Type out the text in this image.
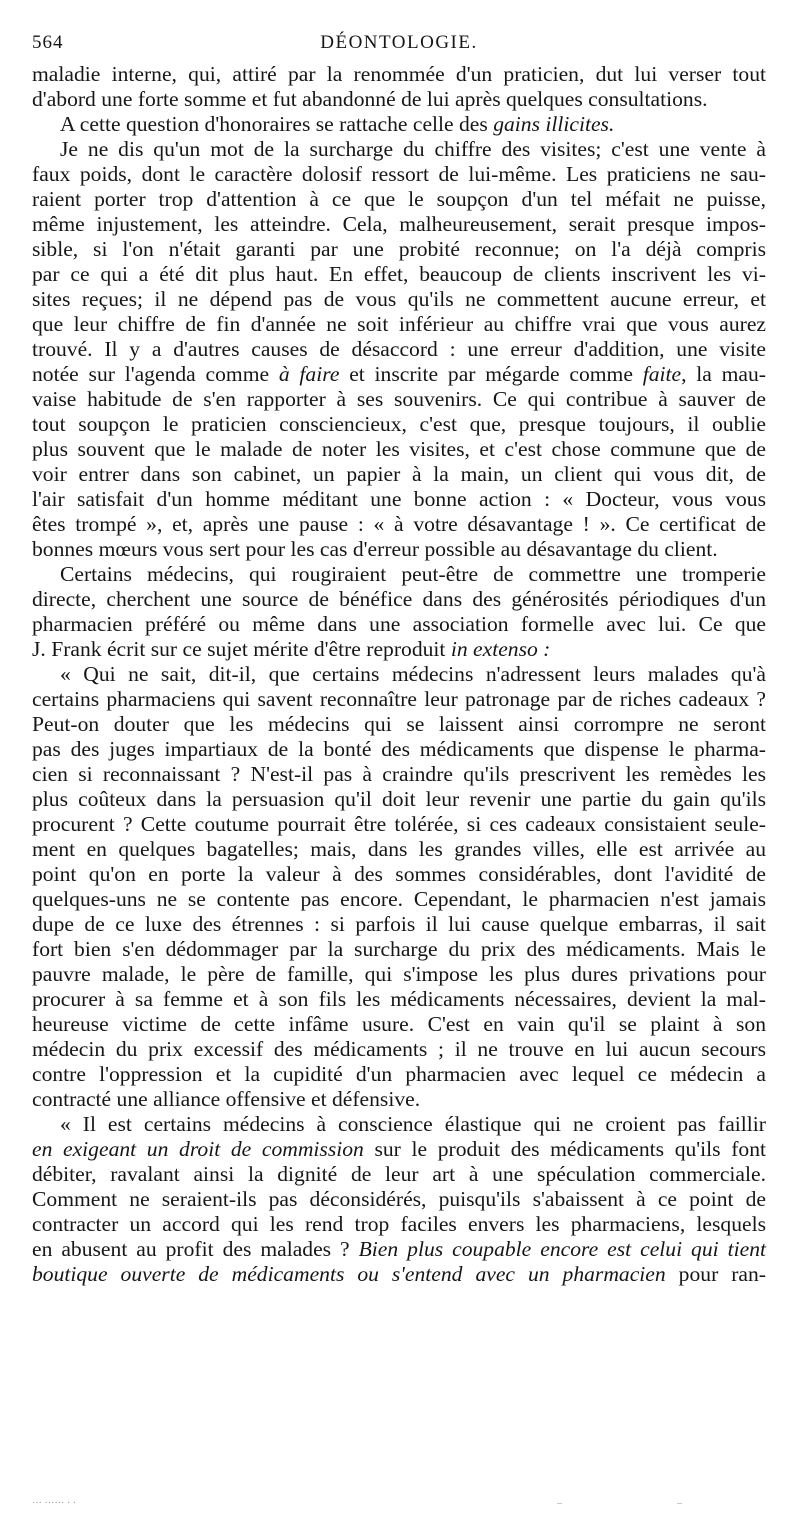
564	DÉONTOLOGIE.
maladie interne, qui, attiré par la renommée d'un praticien, dut lui verser tout
d'abord une forte somme et fut abandonné de lui après quelques consultations.
A cette question d'honoraires se rattache celle des gains illicites.
Je ne dis qu'un mot de la surcharge du chiffre des visites; c'est une vente à
faux poids, dont le caractère dolosif ressort de lui-même. Les praticiens ne sau-
raient porter trop d'attention à ce que le soupçon d'un tel méfait ne puisse,
même injustement, les atteindre. Cela, malheureusement, serait presque impos-
sible, si l'on n'était garanti par une probité reconnue; on l'a déjà compris
par ce qui a été dit plus haut. En effet, beaucoup de clients inscrivent les vi-
sites reçues; il ne dépend pas de vous qu'ils ne commettent aucune erreur, et
que leur chiffre de fin d'année ne soit inférieur au chiffre vrai que vous aurez
trouvé. Il y a d'autres causes de désaccord : une erreur d'addition, une visite
notée sur l'agenda comme à faire et inscrite par mégarde comme faite, la mau-
vaise habitude de s'en rapporter à ses souvenirs. Ce qui contribue à sauver de
tout soupçon le praticien consciencieux, c'est que, presque toujours, il oublie
plus souvent que le malade de noter les visites, et c'est chose commune que de
voir entrer dans son cabinet, un papier à la main, un client qui vous dit, de
l'air satisfait d'un homme méditant une bonne action : « Docteur, vous vous
êtes trompé », et, après une pause : « à votre désavantage ! ». Ce certificat de
bonnes mœurs vous sert pour les cas d'erreur possible au désavantage du client.
Certains médecins, qui rougiraient peut-être de commettre une tromperie
directe, cherchent une source de bénéfice dans des générosités périodiques d'un
pharmacien préféré ou même dans une association formelle avec lui. Ce que
J. Frank écrit sur ce sujet mérite d'être reproduit in extenso :
« Qui ne sait, dit-il, que certains médecins n'adressent leurs malades qu'à
certains pharmaciens qui savent reconnaître leur patronage par de riches cadeaux ?
Peut-on douter que les médecins qui se laissent ainsi corrompre ne seront
pas des juges impartiaux de la bonté des médicaments que dispense le pharma-
cien si reconnaissant ? N'est-il pas à craindre qu'ils prescrivent les remèdes les
plus coûteux dans la persuasion qu'il doit leur revenir une partie du gain qu'ils
procurent ? Cette coutume pourrait être tolérée, si ces cadeaux consistaient seule-
ment en quelques bagatelles; mais, dans les grandes villes, elle est arrivée au
point qu'on en porte la valeur à des sommes considérables, dont l'avidité de
quelques-uns ne se contente pas encore. Cependant, le pharmacien n'est jamais
dupe de ce luxe des étrennes : si parfois il lui cause quelque embarras, il sait
fort bien s'en dédommager par la surcharge du prix des médicaments. Mais le
pauvre malade, le père de famille, qui s'impose les plus dures privations pour
procurer à sa femme et à son fils les médicaments nécessaires, devient la mal-
heureuse victime de cette infâme usure. C'est en vain qu'il se plaint à son
médecin du prix excessif des médicaments ; il ne trouve en lui aucun secours
contre l'oppression et la cupidité d'un pharmacien avec lequel ce médecin a
contracté une alliance offensive et défensive.
« Il est certains médecins à conscience élastique qui ne croient pas faillir
en exigeant un droit de commission sur le produit des médicaments qu'ils font
débiter, ravalant ainsi la dignité de leur art à une spéculation commerciale.
Comment ne seraient-ils pas déconsidérés, puisqu'ils s'abaissent à ce point de
contracter un accord qui les rend trop faciles envers les pharmaciens, lesquels
en abusent au profit des malades ? Bien plus coupable encore est celui qui tient
boutique ouverte de médicaments ou s'entend avec un pharmacien pour ran-
··· ······ · ·	–	–
